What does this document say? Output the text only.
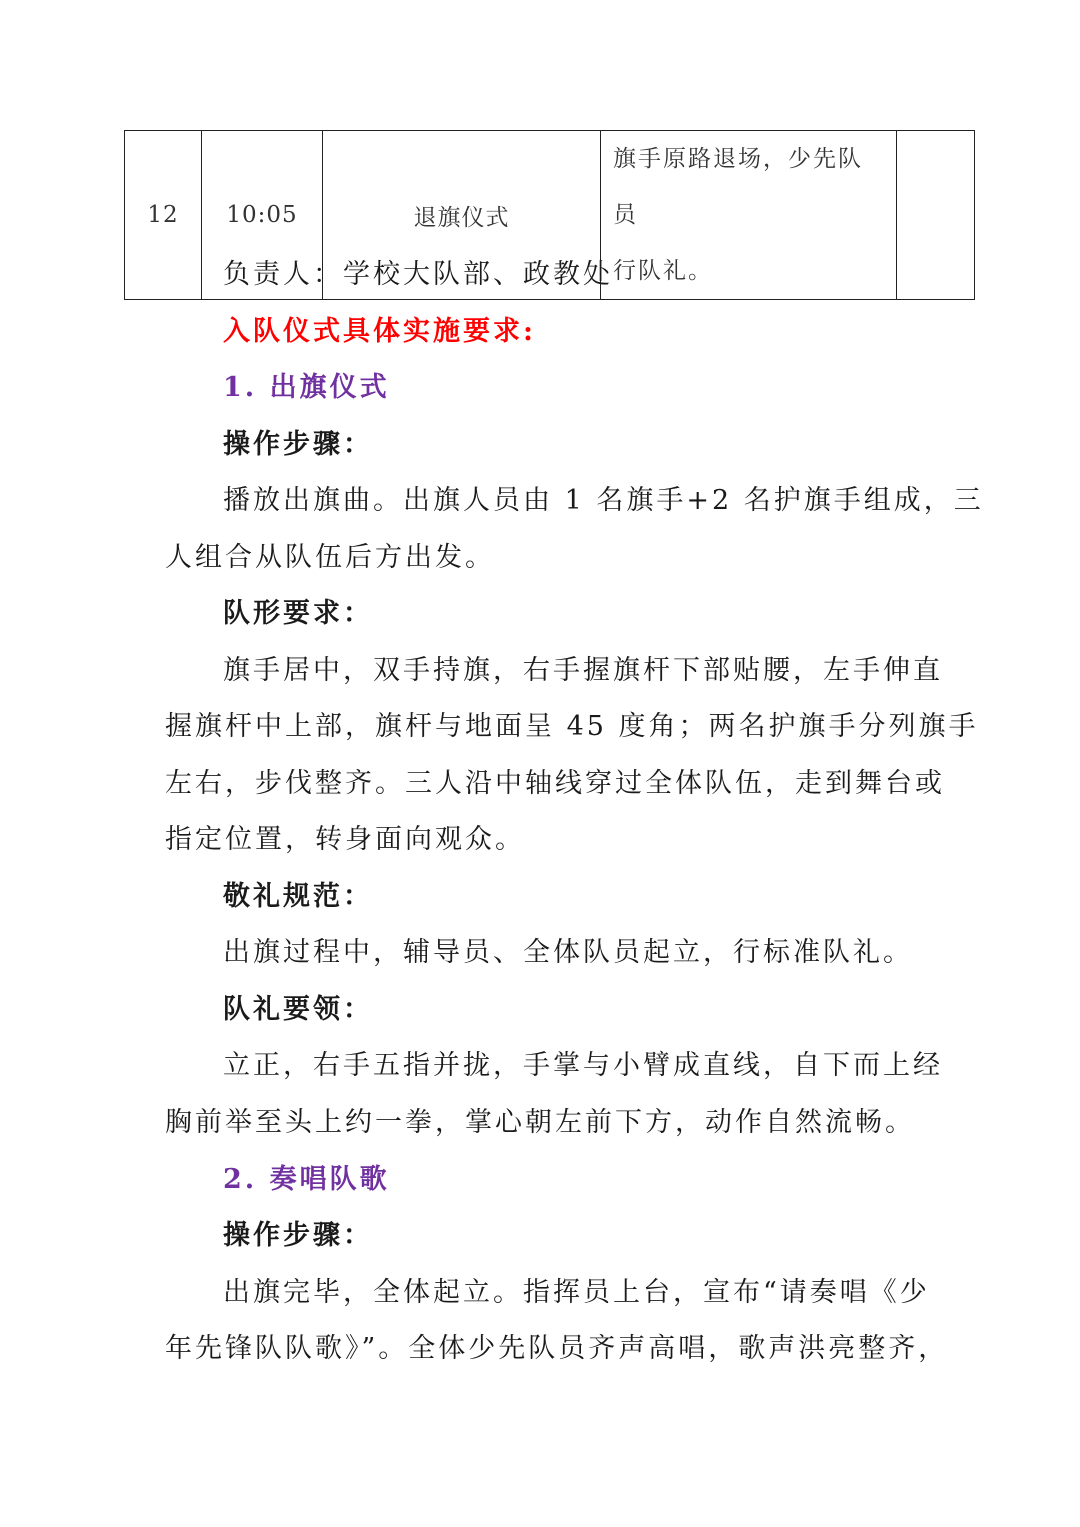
12	10:05	退旗仪式	旗手原路退场，少先队员
行队礼。	
负责人：学校大队部、政教处
入队仪式具体实施要求:
1. 出旗仪式
操作步骤：
播放出旗曲。出旗人员由 1 名旗手+2 名护旗手组成，三
人组合从队伍后方出发。
队形要求：
旗手居中，双手持旗，右手握旗杆下部贴腰，左手伸直
握旗杆中上部，旗杆与地面呈 45 度角；两名护旗手分列旗手
左右，步伐整齐。三人沿中轴线穿过全体队伍，走到舞台或
指定位置，转身面向观众。
敬礼规范：
出旗过程中，辅导员、全体队员起立，行标准队礼。
队礼要领：
立正，右手五指并拢，手掌与小臂成直线，自下而上经
胸前举至头上约一拳，掌心朝左前下方，动作自然流畅。
2. 奏唱队歌
操作步骤：
出旗完毕，全体起立。指挥员上台，宣布“请奏唱《少
年先锋队队歌》”。全体少先队员齐声高唱，歌声洪亮整齐，
